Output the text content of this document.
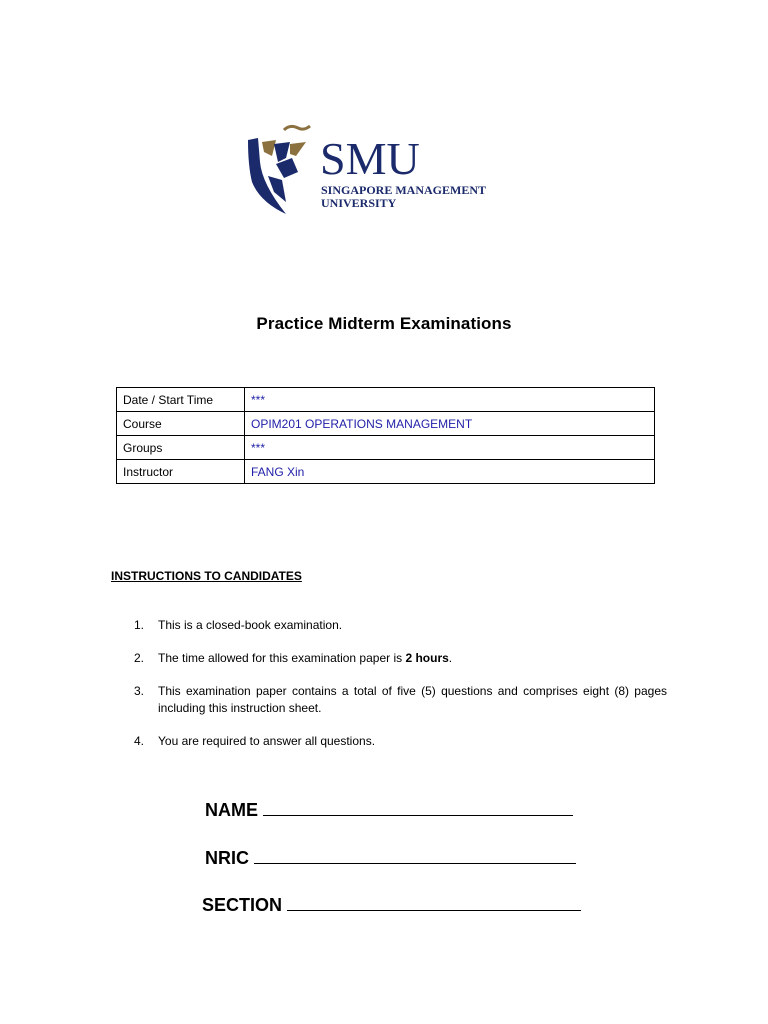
SMU
SINGAPORE MANAGEMENT
UNIVERSITY
Practice Midterm Examinations
Date / Start Time	***
Course	OPIM201 OPERATIONS MANAGEMENT
Groups	***
Instructor	FANG Xin
INSTRUCTIONS TO CANDIDATES
1. This is a closed-book examination.
2. The time allowed for this examination paper is 2 hours.
3. This examination paper contains a total of five (5) questions and comprises eight (8) pages including this instruction sheet.
4. You are required to answer all questions.
NAME
NRIC
SECTION
